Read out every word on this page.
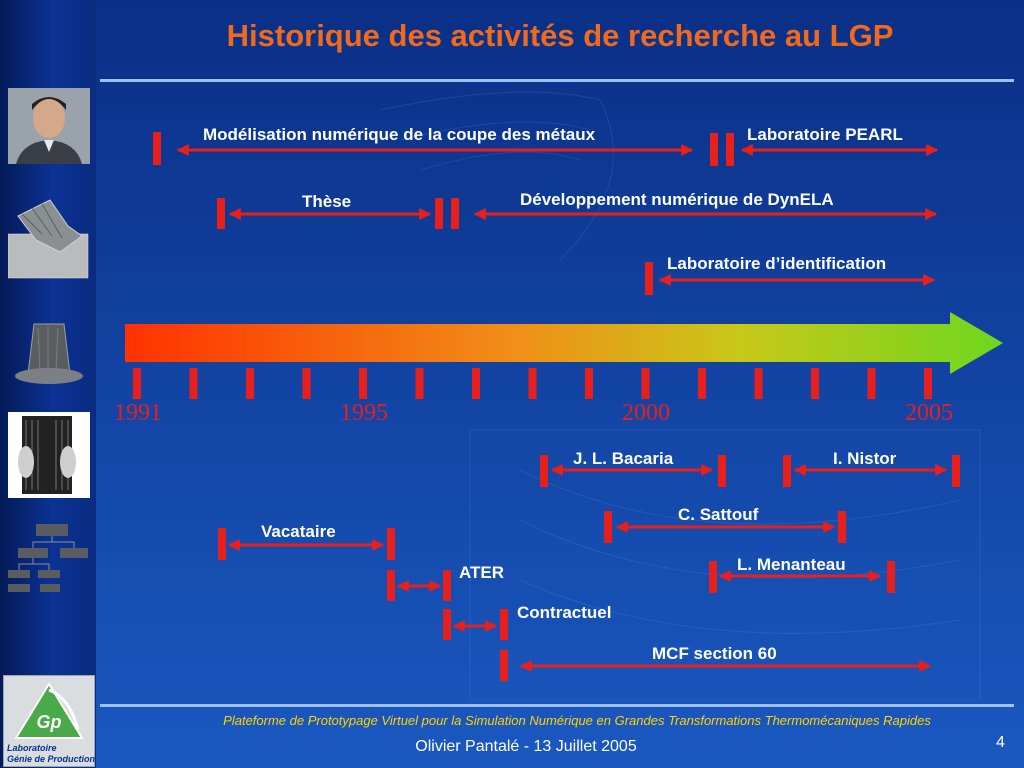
Gp
Laboratoire
Génie de Production
Historique des activités de recherche au LGP
1991	1995	2000	2005
Modélisation numérique de la coupe des métaux	Laboratoire PEARL
Thèse	Développement numérique de DynELA
Laboratoire d’identification
J. L. Bacaria	I. Nistor
C. Sattouf
Vacataire
L. Menanteau
ATER
Contractuel
MCF section 60
Plateforme de Prototypage Virtuel pour la Simulation Numérique en Grandes Transformations Thermomécaniques Rapides
Olivier Pantalé - 13 Juillet 2005	4
